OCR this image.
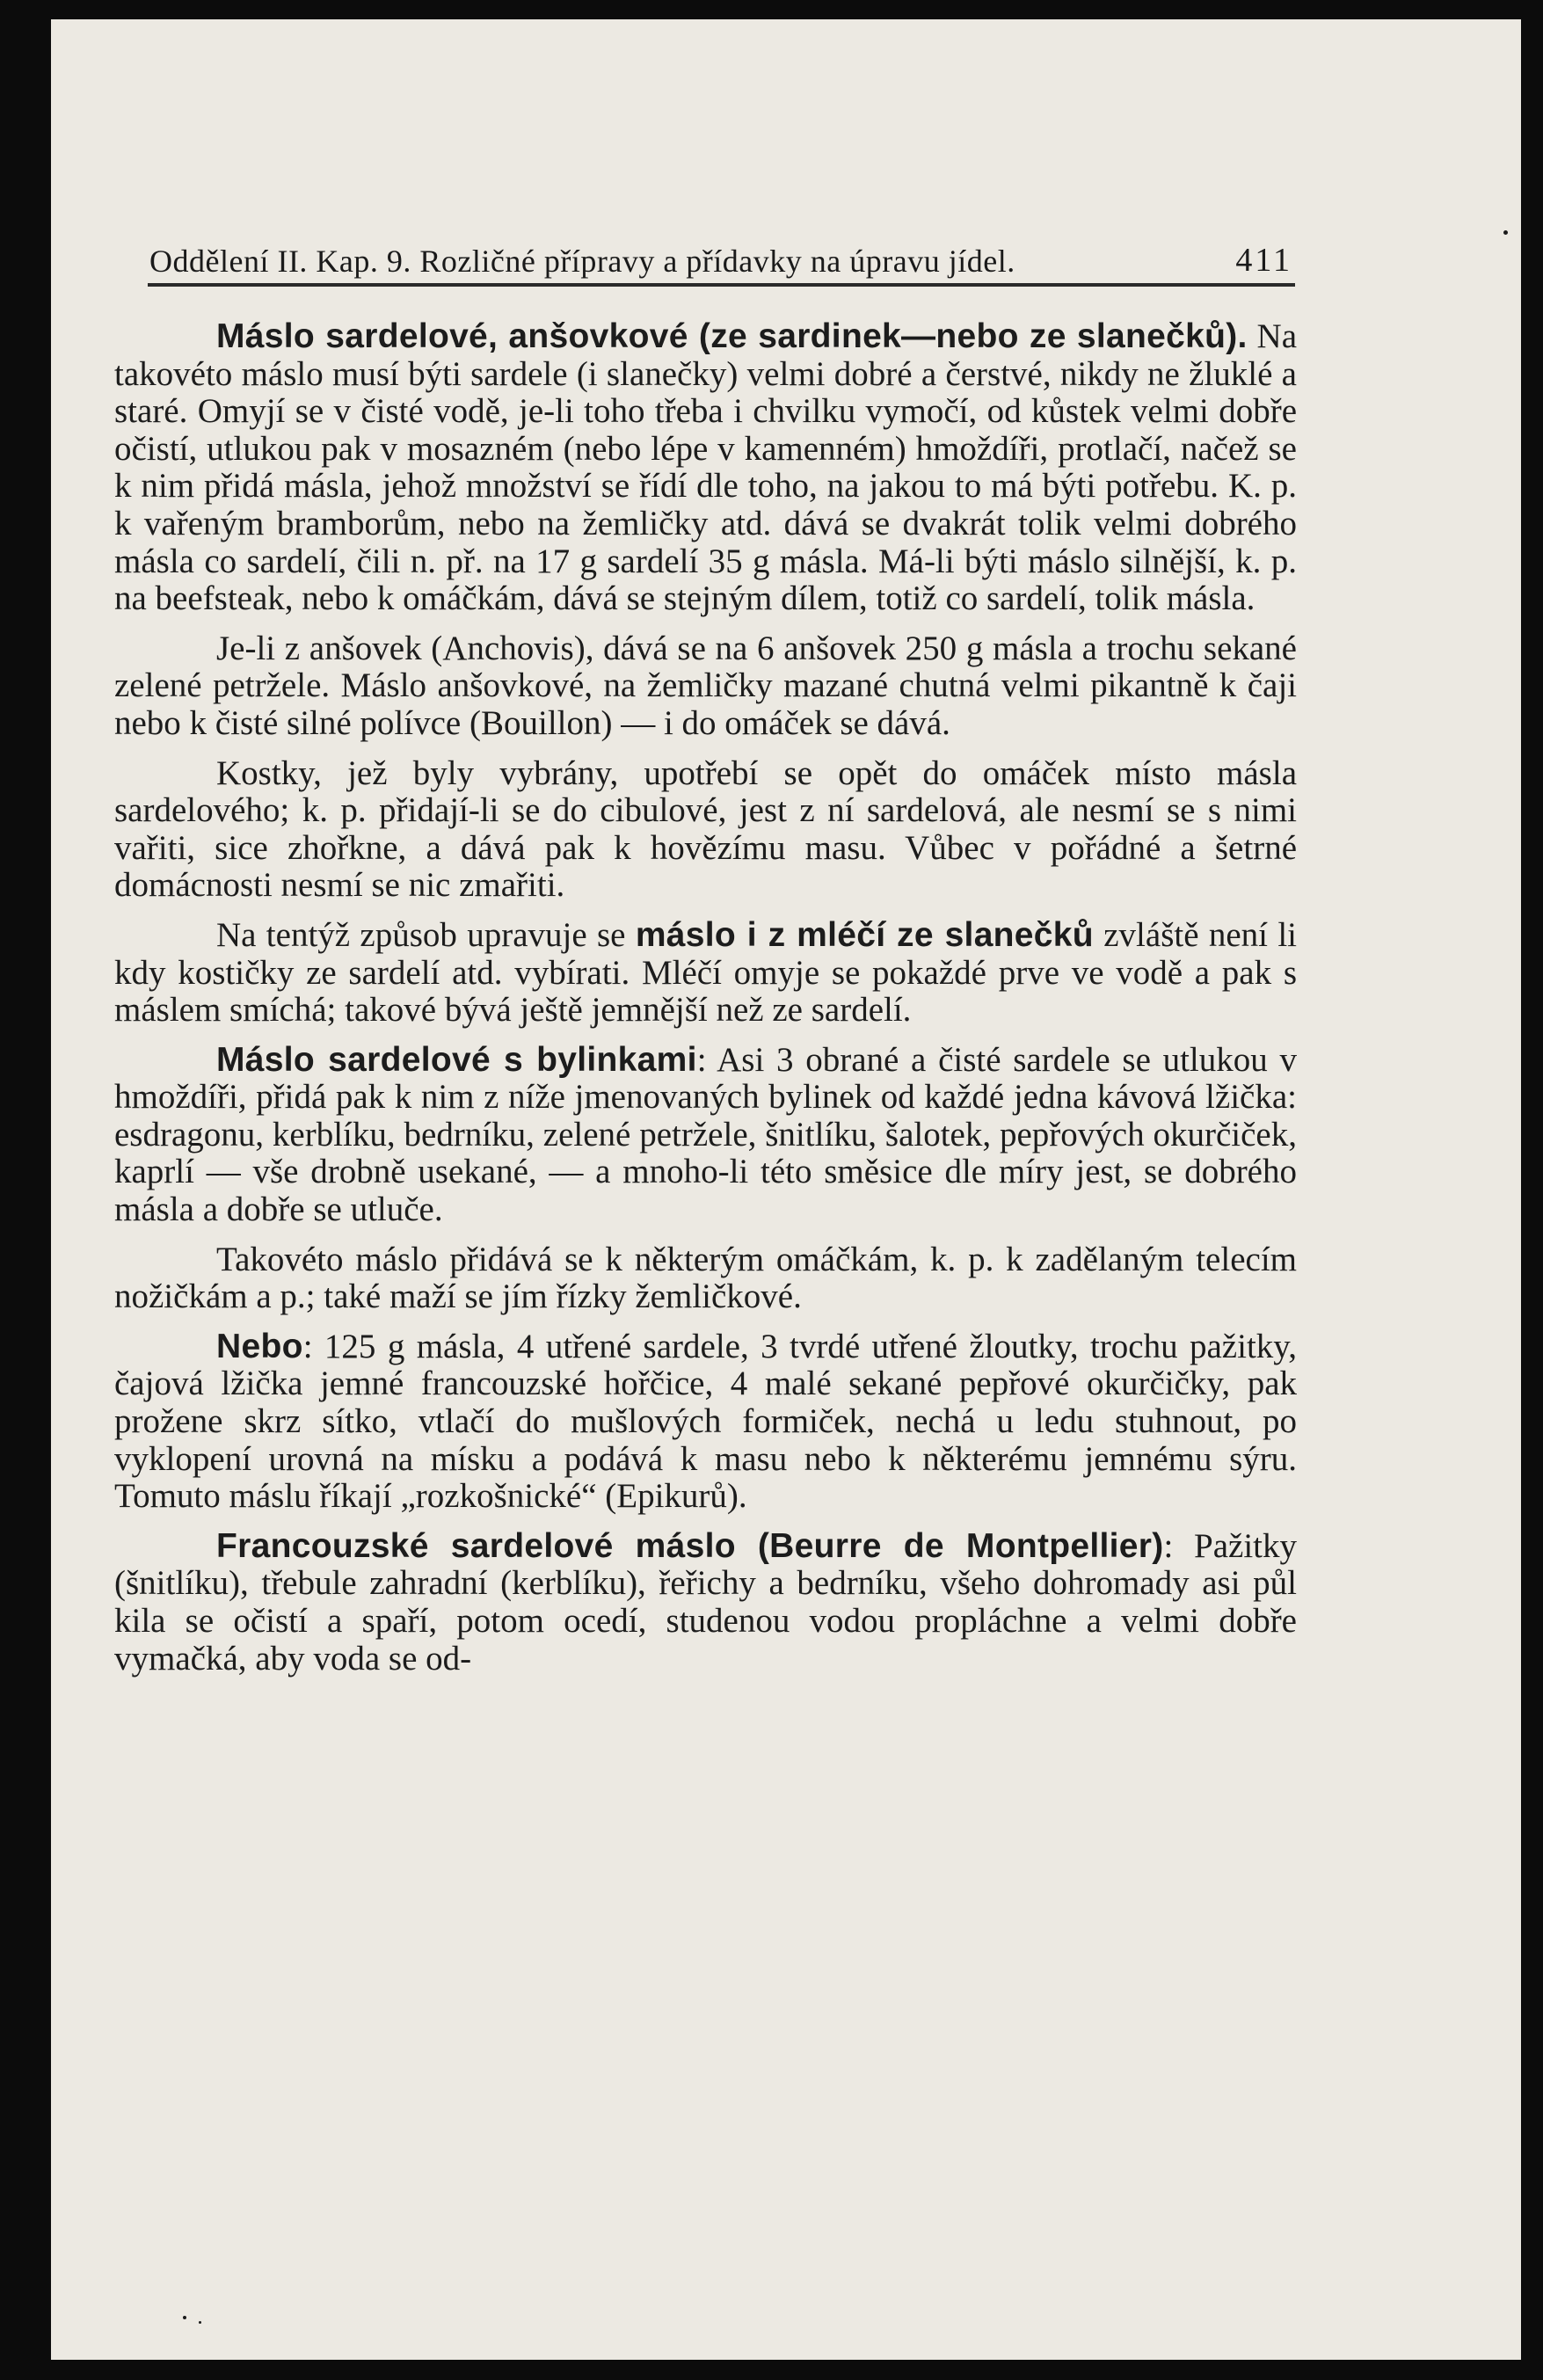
Oddělení II. Kap. 9. Rozličné přípravy a přídavky na úpravu jídel.	411

Máslo sardelové, anšovkové (ze sardinek—nebo ze slanečků). Na takovéto máslo musí býti sardele (i slanečky) velmi dobré a čerstvé, nikdy ne žluklé a staré. Omyjí se v čisté vodě, je-li toho třeba i chvilku vymočí, od kůstek velmi dobře očistí, utlukou pak v mosazném (nebo lépe v kamenném) hmoždíři, protlačí, načež se k nim přidá másla, jehož množství se řídí dle toho, na jakou to má býti potřebu. K. p. k vařeným bramborům, nebo na žemličky atd. dává se dvakrát tolik velmi dobrého másla co sardelí, čili n. př. na 17 g sardelí 35 g másla. Má-li býti máslo silnější, k. p. na beefsteak, nebo k omáčkám, dává se stejným dílem, totiž co sardelí, tolik másla.

Je-li z anšovek (Anchovis), dává se na 6 anšovek 250 g másla a trochu sekané zelené petržele. Máslo anšovkové, na žemličky mazané chutná velmi pikantně k čaji nebo k čisté silné polívce (Bouillon) — i do omáček se dává.

Kostky, jež byly vybrány, upotřebí se opět do omáček místo másla sardelového; k. p. přidají-li se do cibulové, jest z ní sardelová, ale nesmí se s nimi vařiti, sice zhořkne, a dává pak k hovězímu masu. Vůbec v pořádné a šetrné domácnosti nesmí se nic zmařiti.

Na tentýž způsob upravuje se máslo i z mléčí ze slanečků zvláště není li kdy kostičky ze sardelí atd. vybírati. Mléčí omyje se pokaždé prve ve vodě a pak s máslem smíchá; takové bývá ještě jemnější než ze sardelí.

Máslo sardelové s bylinkami: Asi 3 obrané a čisté sardele se utlukou v hmoždíři, přidá pak k nim z níže jmenovaných bylinek od každé jedna kávová lžička: esdragonu, kerblíku, bedrníku, zelené petržele, šnitlíku, šalotek, pepřových okurčiček, kaprlí — vše drobně usekané, — a mnoho-li této směsice dle míry jest, se dobrého másla a dobře se utluče.

Takovéto máslo přidává se k některým omáčkám, k. p. k zadělaným telecím nožičkám a p.; také maží se jím řízky žemličkové.

Nebo: 125 g másla, 4 utřené sardele, 3 tvrdé utřené žloutky, trochu pažitky, čajová lžička jemné francouzské hořčice, 4 malé sekané pepřové okurčičky, pak prožene skrz sítko, vtlačí do mušlových formiček, nechá u ledu stuhnout, po vyklopení urovná na mísku a podává k masu nebo k některému jemnému sýru. Tomuto máslu říkají „rozkošnické“ (Epikurů).

Francouzské sardelové máslo (Beurre de Montpellier): Pažitky (šnitlíku), třebule zahradní (kerblíku), řeřichy a bedrníku, všeho dohromady asi půl kila se očistí a spaří, potom ocedí, studenou vodou propláchne a velmi dobře vymačká, aby voda se od-
